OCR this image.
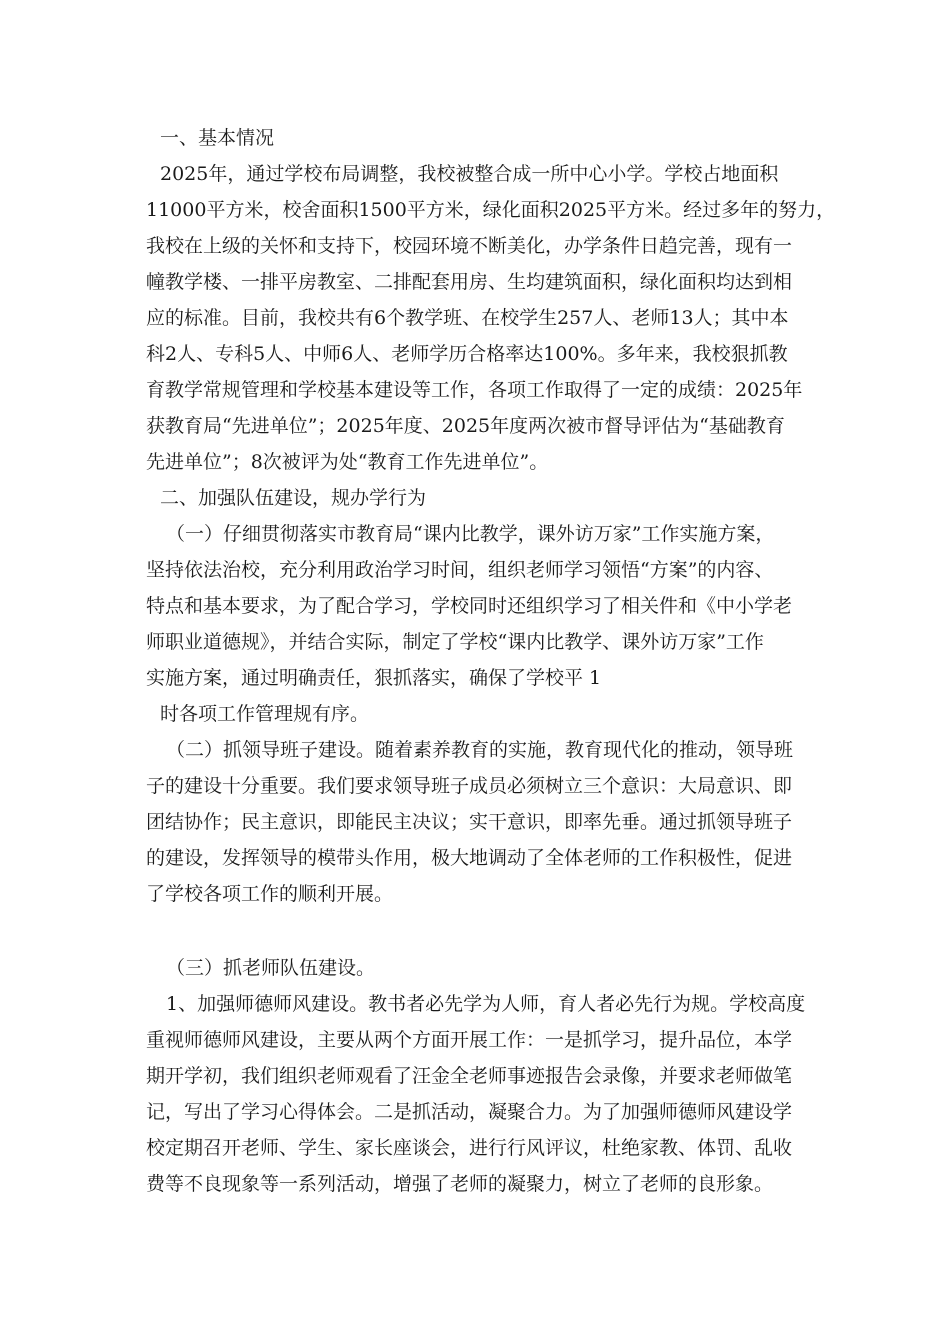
一、基本情况
2025年，通过学校布局调整，我校被整合成一所中心小学。学校占地面积
11000平方米，校舍面积1500平方米，绿化面积2025平方米。经过多年的努力，
我校在上级的关怀和支持下，校园环境不断美化，办学条件日趋完善，现有一
幢教学楼、一排平房教室、二排配套用房、生均建筑面积，绿化面积均达到相
应的标准。目前，我校共有6个教学班、在校学生257人、老师13人；其中本
科2人、专科5人、中师6人、老师学历合格率达100%。多年来，我校狠抓教
育教学常规管理和学校基本建设等工作，各项工作取得了一定的成绩：2025年
获教育局“先进单位”；2025年度、2025年度两次被市督导评估为“基础教育
先进单位”；8次被评为处“教育工作先进单位”。
二、加强队伍建设，规办学行为
（一）仔细贯彻落实市教育局“课内比教学，课外访万家”工作实施方案，
坚持依法治校，充分利用政治学习时间，组织老师学习领悟“方案”的内容、
特点和基本要求，为了配合学习，学校同时还组织学习了相关件和《中小学老
师职业道德规》，并结合实际，制定了学校“课内比教学、课外访万家”工作
实施方案，通过明确责任，狠抓落实，确保了学校平 1
时各项工作管理规有序。
（二）抓领导班子建设。随着素养教育的实施，教育现代化的推动，领导班
子的建设十分重要。我们要求领导班子成员必须树立三个意识：大局意识、即
团结协作；民主意识，即能民主决议；实干意识，即率先垂。通过抓领导班子
的建设，发挥领导的模带头作用，极大地调动了全体老师的工作积极性，促进
了学校各项工作的顺利开展。
（三）抓老师队伍建设。
1、加强师德师风建设。教书者必先学为人师，育人者必先行为规。学校高度
重视师德师风建设，主要从两个方面开展工作：一是抓学习，提升品位，本学
期开学初，我们组织老师观看了汪金全老师事迹报告会录像，并要求老师做笔
记，写出了学习心得体会。二是抓活动，凝聚合力。为了加强师德师风建设学
校定期召开老师、学生、家长座谈会，进行行风评议，杜绝家教、体罚、乱收
费等不良现象等一系列活动，增强了老师的凝聚力，树立了老师的良形象。
